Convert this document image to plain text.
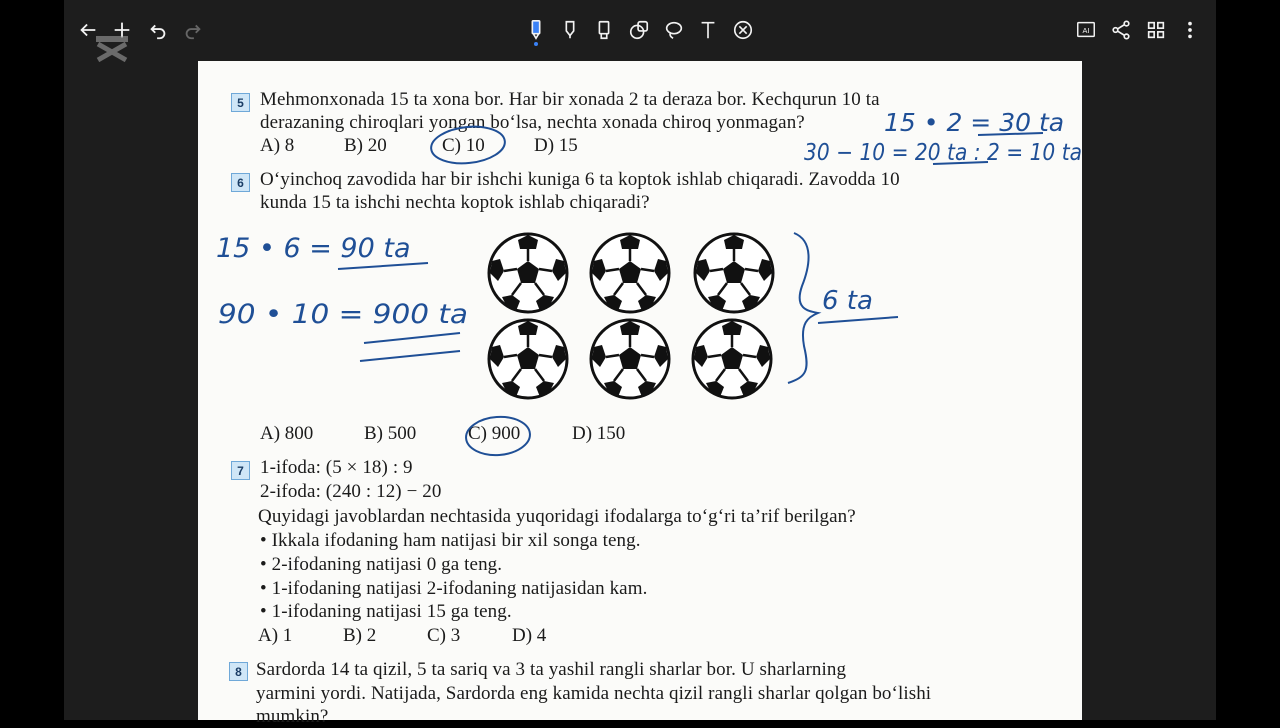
AI
5 Mehmonxonada 15 ta xona bor. Har bir xonada 2 ta deraza bor. Kechqurun 10 ta
derazaning chiroqlari yongan bo‘lsa, nechta xonada chiroq yonmagan?
A) 8	B) 20	C) 10	D) 15
6 O‘yinchoq zavodida har bir ishchi kuniga 6 ta koptok ishlab chiqaradi. Zavodda 10
kunda 15 ta ishchi nechta koptok ishlab chiqaradi?
A) 800	B) 500	C) 900	D) 150
7 1-ifoda: (5 × 18) : 9
2-ifoda: (240 : 12) − 20
Quyidagi javoblardan nechtasida yuqoridagi ifodalarga to‘g‘ri ta’rif berilgan?
• Ikkala ifodaning ham natijasi bir xil songa teng.
• 2-ifodaning natijasi 0 ga teng.
• 1-ifodaning natijasi 2-ifodaning natijasidan kam.
• 1-ifodaning natijasi 15 ga teng.
A) 1	B) 2	C) 3	D) 4
8 Sardorda 14 ta qizil, 5 ta sariq va 3 ta yashil rangli sharlar bor. U sharlarning
yarmini yordi. Natijada, Sardorda eng kamida nechta qizil rangli sharlar qolgan bo‘lishi
mumkin?
15 • 2 = 30 ta
30 − 10 = 20 ta : 2 = 10 ta
15 • 6 = 90 ta
90 • 10 = 900 ta	6 ta
